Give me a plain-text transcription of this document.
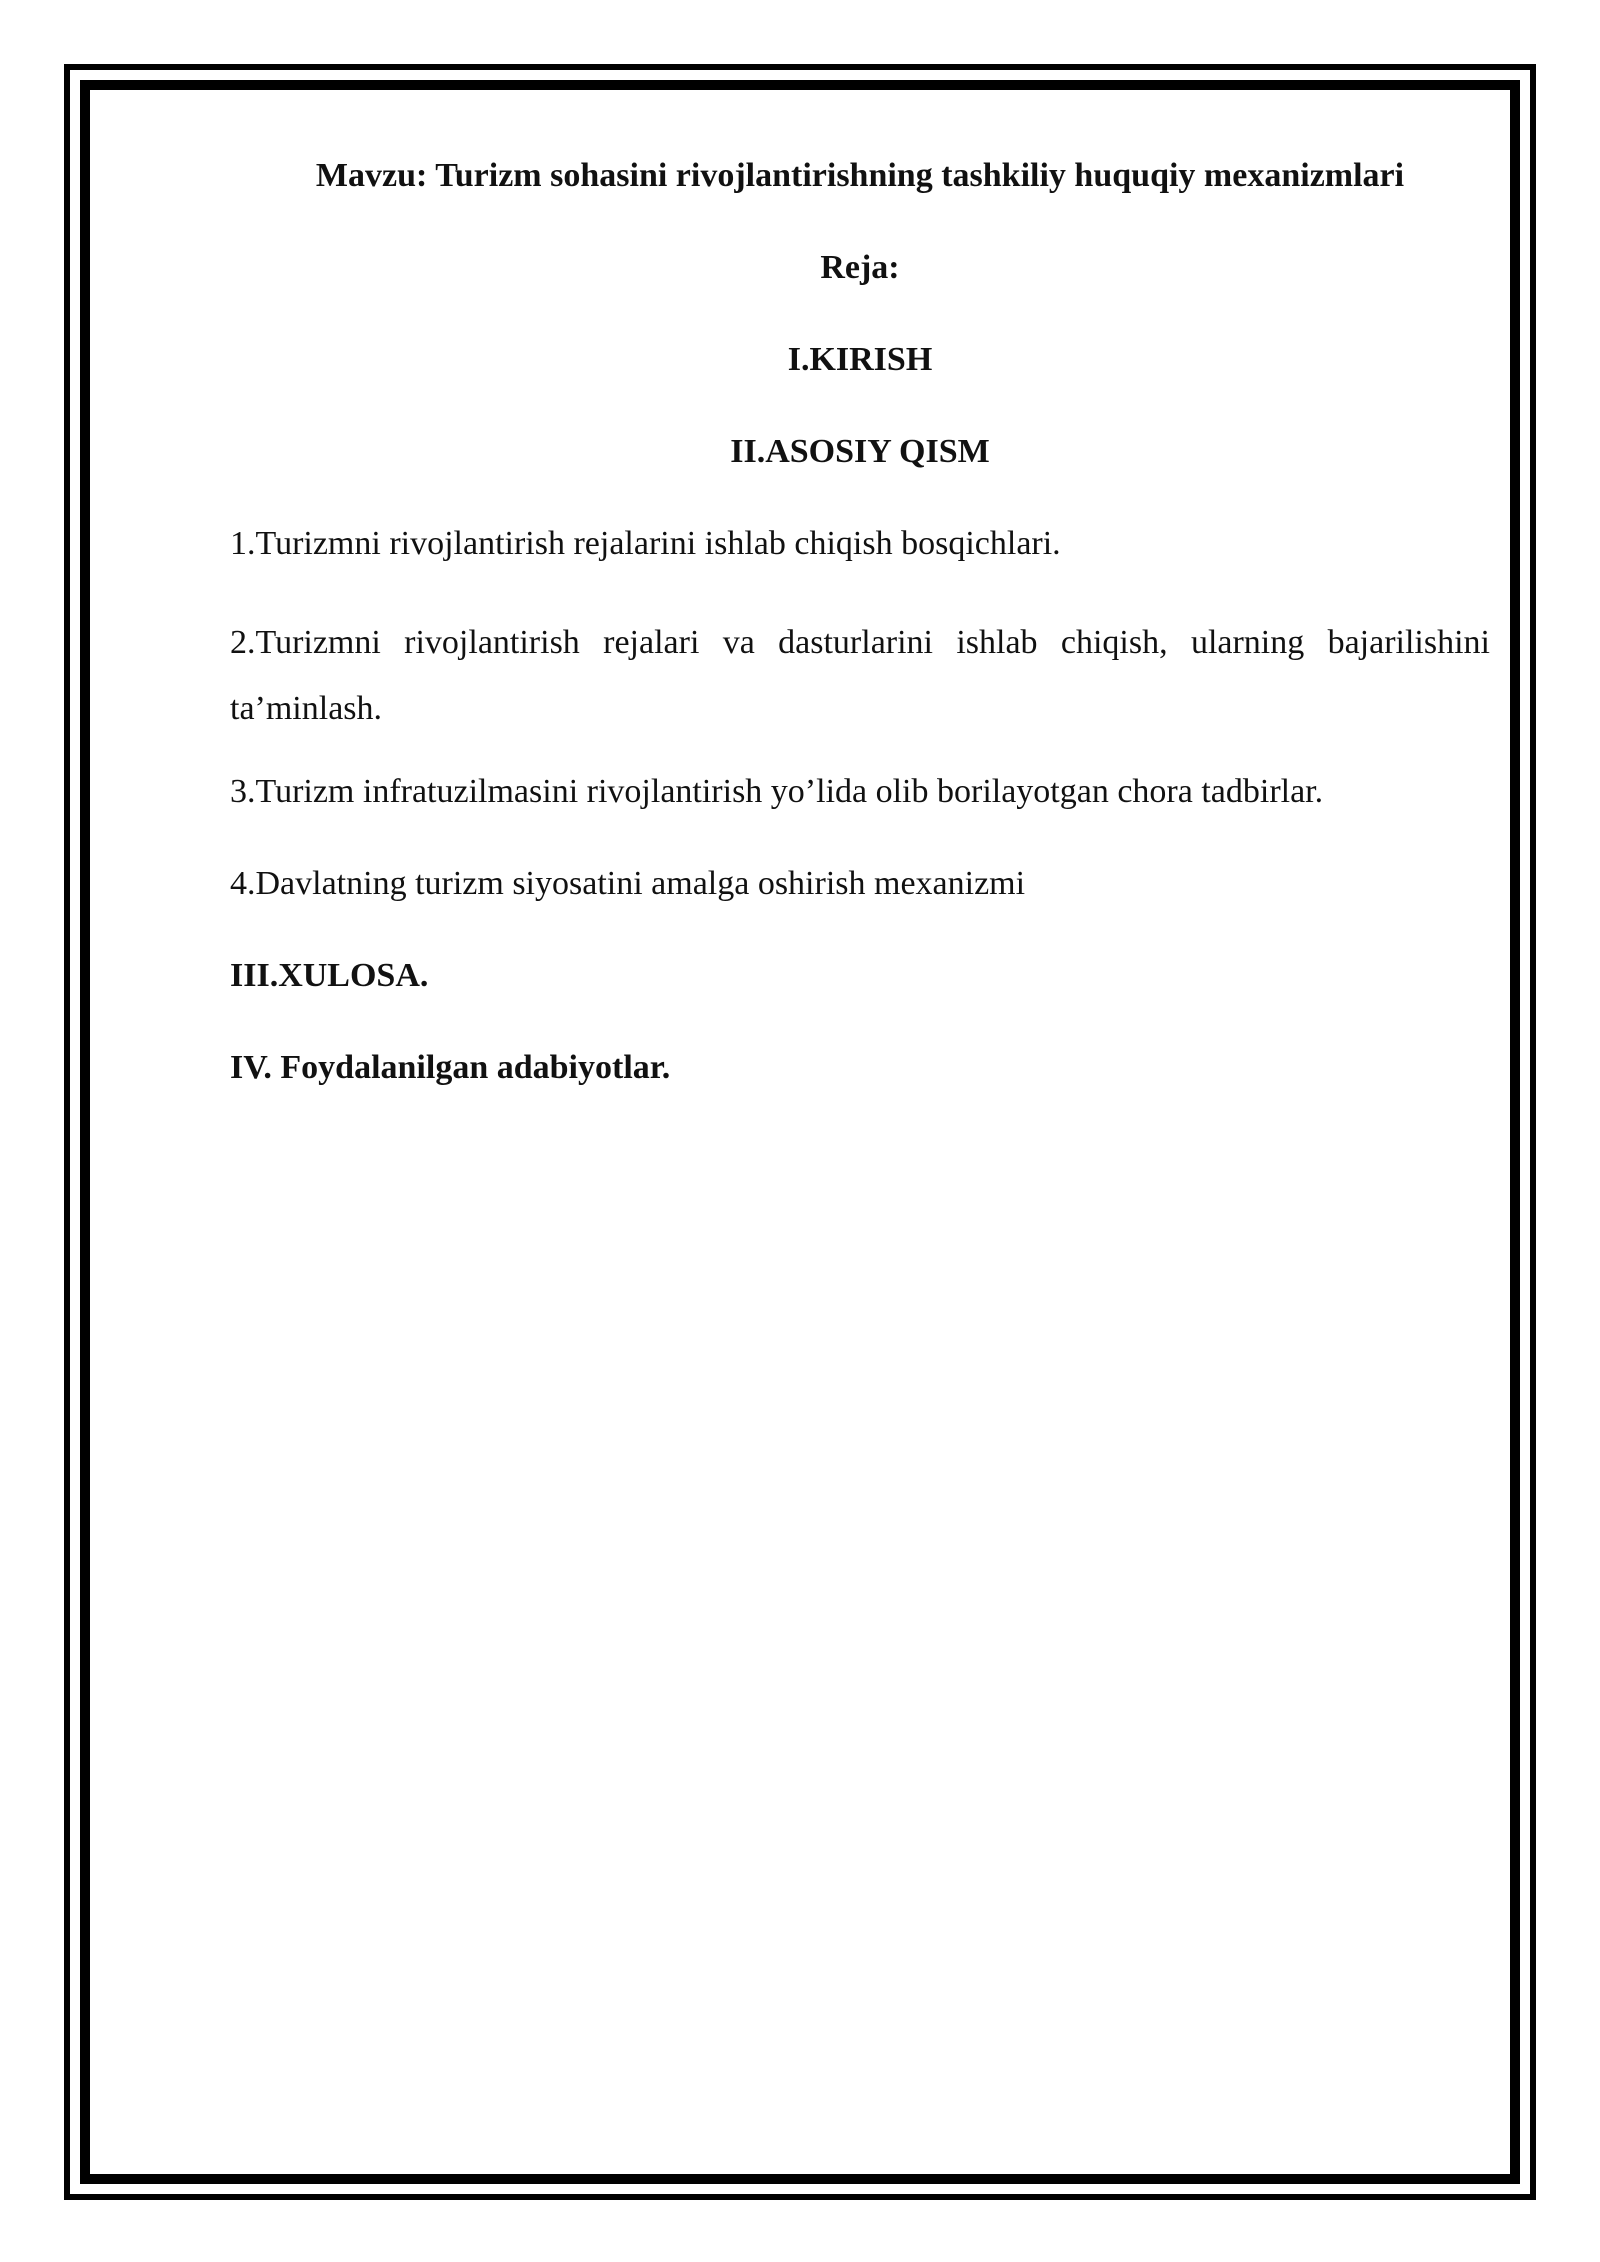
Mavzu: Turizm sohasini rivojlantirishning tashkiliy huquqiy mexanizmlari
Reja:
I.KIRISH
II.ASOSIY QISM
1.Turizmni rivojlantirish rejalarini ishlab chiqish bosqichlari.
2.Turizmni rivojlantirish rejalari va dasturlarini ishlab chiqish, ularning bajarilishini ta’minlash.
3.Turizm infratuzilmasini rivojlantirish yo’lida olib borilayotgan chora tadbirlar.
4.Davlatning turizm siyosatini amalga oshirish mexanizmi
III.XULOSA.
IV. Foydalanilgan adabiyotlar.
